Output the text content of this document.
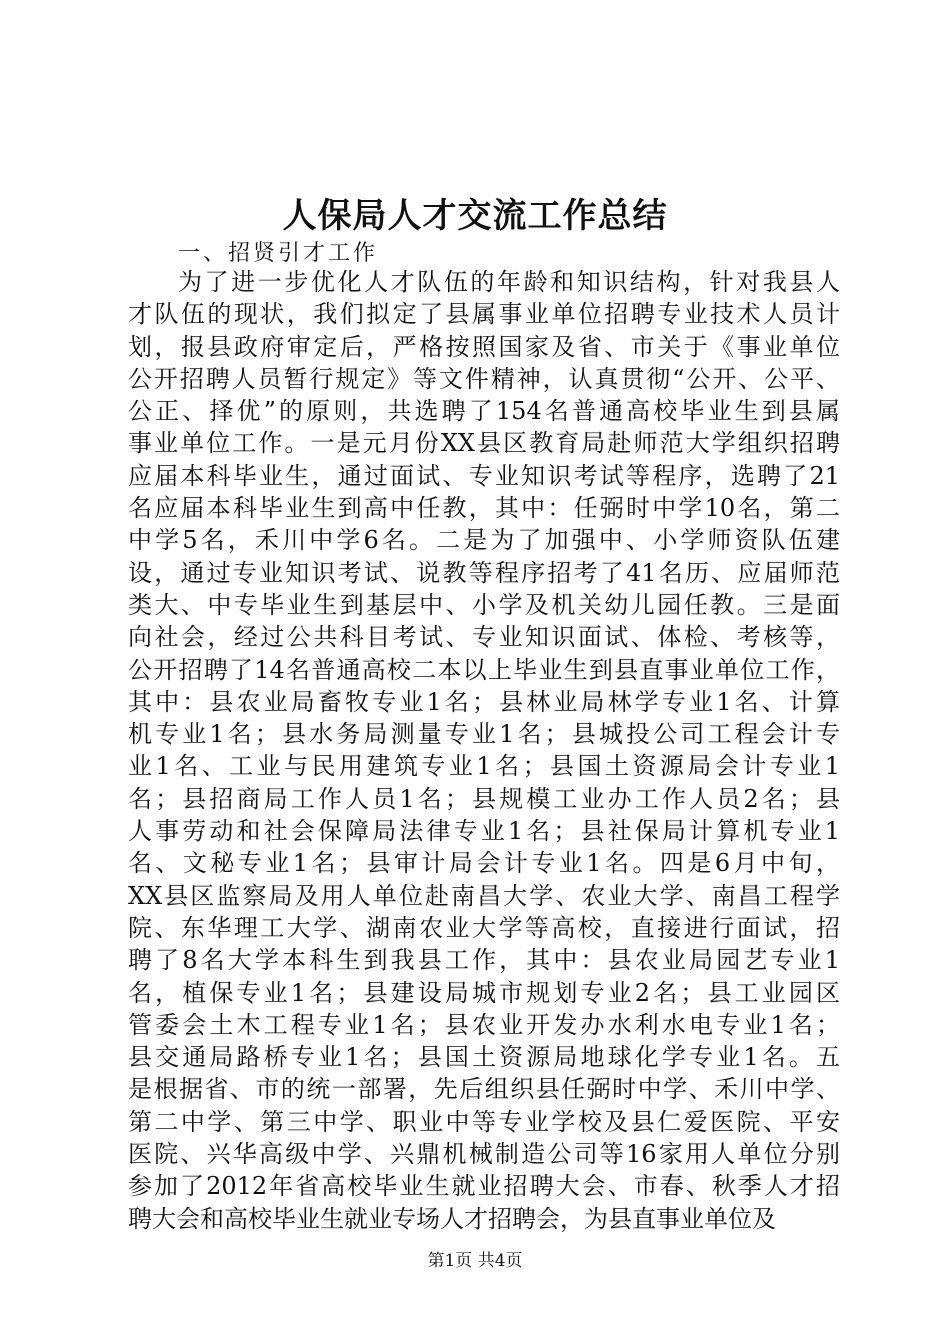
人保局人才交流工作总结
一、招贤引才工作
为了进一步优化人才队伍的年龄和知识结构，针对我县人
才队伍的现状，我们拟定了县属事业单位招聘专业技术人员计
划，报县政府审定后，严格按照国家及省、市关于《事业单位
公开招聘人员暂行规定》等文件精神，认真贯彻“公开、公平、
公正、择优”的原则，共选聘了154名普通高校毕业生到县属
事业单位工作。一是元月份XX县区教育局赴师范大学组织招聘
应届本科毕业生，通过面试、专业知识考试等程序，选聘了21
名应届本科毕业生到高中任教，其中：任弼时中学10名，第二
中学5名，禾川中学6名。二是为了加强中、小学师资队伍建
设，通过专业知识考试、说教等程序招考了41名历、应届师范
类大、中专毕业生到基层中、小学及机关幼儿园任教。三是面
向社会，经过公共科目考试、专业知识面试、体检、考核等，
公开招聘了14名普通高校二本以上毕业生到县直事业单位工作，
其中：县农业局畜牧专业1名；县林业局林学专业1名、计算
机专业1名；县水务局测量专业1名；县城投公司工程会计专
业1名、工业与民用建筑专业1名；县国土资源局会计专业1
名；县招商局工作人员1名；县规模工业办工作人员2名；县
人事劳动和社会保障局法律专业1名；县社保局计算机专业1
名、文秘专业1名；县审计局会计专业1名。四是6月中旬，
XX县区监察局及用人单位赴南昌大学、农业大学、南昌工程学
院、东华理工大学、湖南农业大学等高校，直接进行面试，招
聘了8名大学本科生到我县工作，其中：县农业局园艺专业1
名，植保专业1名；县建设局城市规划专业2名；县工业园区
管委会土木工程专业1名；县农业开发办水利水电专业1名；
县交通局路桥专业1名；县国土资源局地球化学专业1名。五
是根据省、市的统一部署，先后组织县任弼时中学、禾川中学、
第二中学、第三中学、职业中等专业学校及县仁爱医院、平安
医院、兴华高级中学、兴鼎机械制造公司等16家用人单位分别
参加了2012年省高校毕业生就业招聘大会、市春、秋季人才招
聘大会和高校毕业生就业专场人才招聘会，为县直事业单位及
第1页 共4页
